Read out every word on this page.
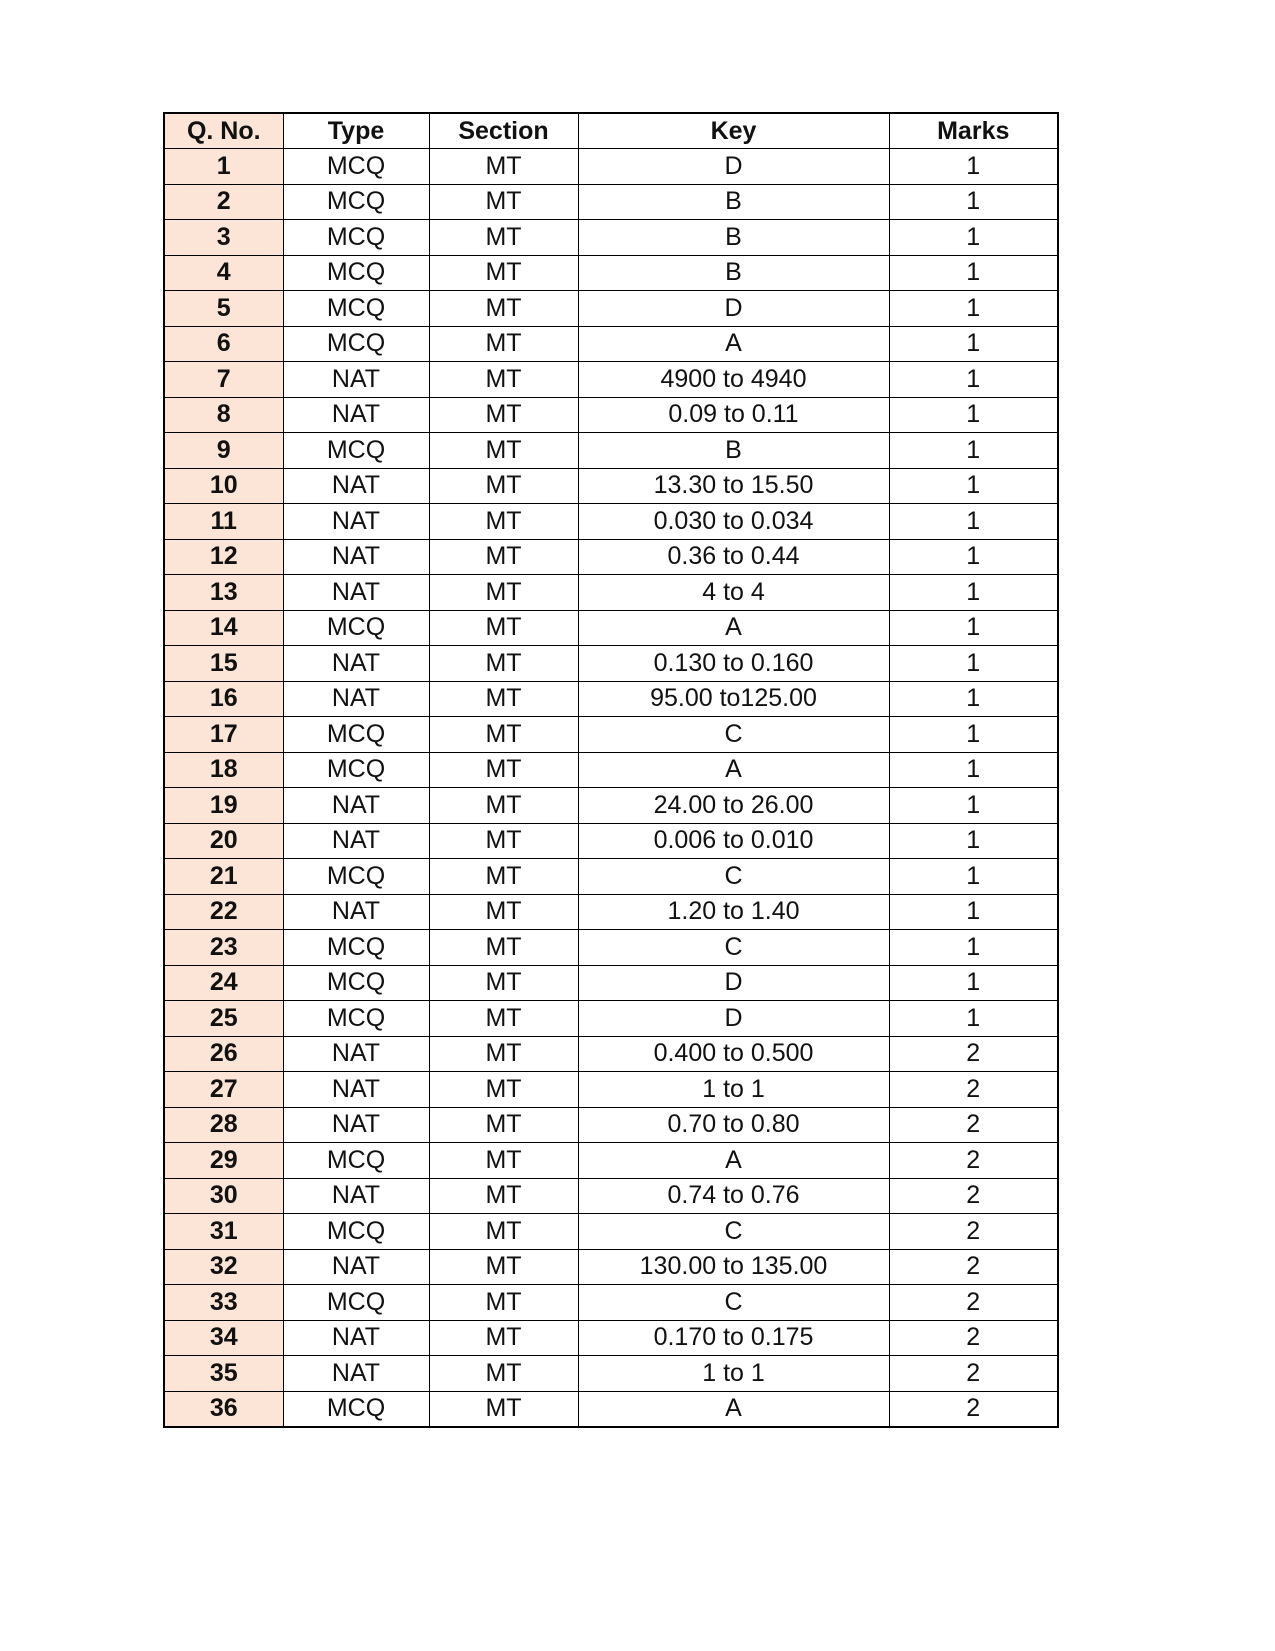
Q. No.	Type	Section	Key	Marks
1	MCQ	MT	D	1
2	MCQ	MT	B	1
3	MCQ	MT	B	1
4	MCQ	MT	B	1
5	MCQ	MT	D	1
6	MCQ	MT	A	1
7	NAT	MT	4900 to 4940	1
8	NAT	MT	0.09 to 0.11	1
9	MCQ	MT	B	1
10	NAT	MT	13.30 to 15.50	1
11	NAT	MT	0.030 to 0.034	1
12	NAT	MT	0.36 to 0.44	1
13	NAT	MT	4 to 4	1
14	MCQ	MT	A	1
15	NAT	MT	0.130 to 0.160	1
16	NAT	MT	95.00 to125.00	1
17	MCQ	MT	C	1
18	MCQ	MT	A	1
19	NAT	MT	24.00 to 26.00	1
20	NAT	MT	0.006 to 0.010	1
21	MCQ	MT	C	1
22	NAT	MT	1.20 to 1.40	1
23	MCQ	MT	C	1
24	MCQ	MT	D	1
25	MCQ	MT	D	1
26	NAT	MT	0.400 to 0.500	2
27	NAT	MT	1 to 1	2
28	NAT	MT	0.70 to 0.80	2
29	MCQ	MT	A	2
30	NAT	MT	0.74 to 0.76	2
31	MCQ	MT	C	2
32	NAT	MT	130.00 to 135.00	2
33	MCQ	MT	C	2
34	NAT	MT	0.170 to 0.175	2
35	NAT	MT	1 to 1	2
36	MCQ	MT	A	2
